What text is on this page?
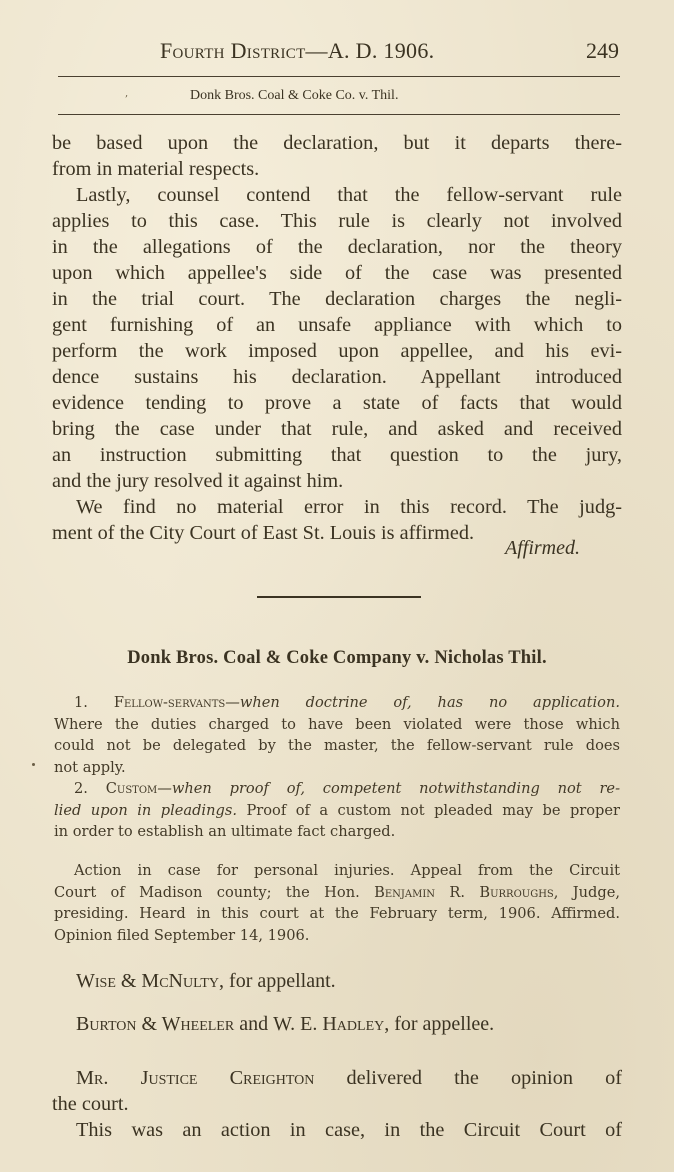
Fourth District—A. D. 1906.	249
,	Donk Bros. Coal & Coke Co. v. Thil.
be based upon the declaration, but it departs there-
from in material respects.
Lastly, counsel contend that the fellow-servant rule
applies to this case. This rule is clearly not involved
in the allegations of the declaration, nor the theory
upon which appellee's side of the case was presented
in the trial court. The declaration charges the negli-
gent furnishing of an unsafe appliance with which to
perform the work imposed upon appellee, and his evi-
dence sustains his declaration. Appellant introduced
evidence tending to prove a state of facts that would
bring the case under that rule, and asked and received
an instruction submitting that question to the jury,
and the jury resolved it against him.
We find no material error in this record. The judg-
ment of the City Court of East St. Louis is affirmed.
Affirmed.
Donk Bros. Coal & Coke Company v. Nicholas Thil.
1. Fellow-servants—when doctrine of, has no application.
Where the duties charged to have been violated were those which
could not be delegated by the master, the fellow-servant rule does
not apply.
2. Custom—when proof of, competent notwithstanding not re-
lied upon in pleadings. Proof of a custom not pleaded may be proper
in order to establish an ultimate fact charged.
Action in case for personal injuries. Appeal from the Circuit
Court of Madison county; the Hon. Benjamin R. Burroughs, Judge,
presiding. Heard in this court at the February term, 1906. Affirmed.
Opinion filed September 14, 1906.
Wise & McNulty, for appellant.
Burton & Wheeler and W. E. Hadley, for appellee.
Mr. Justice Creighton delivered the opinion of
the court.
This was an action in case, in the Circuit Court of
